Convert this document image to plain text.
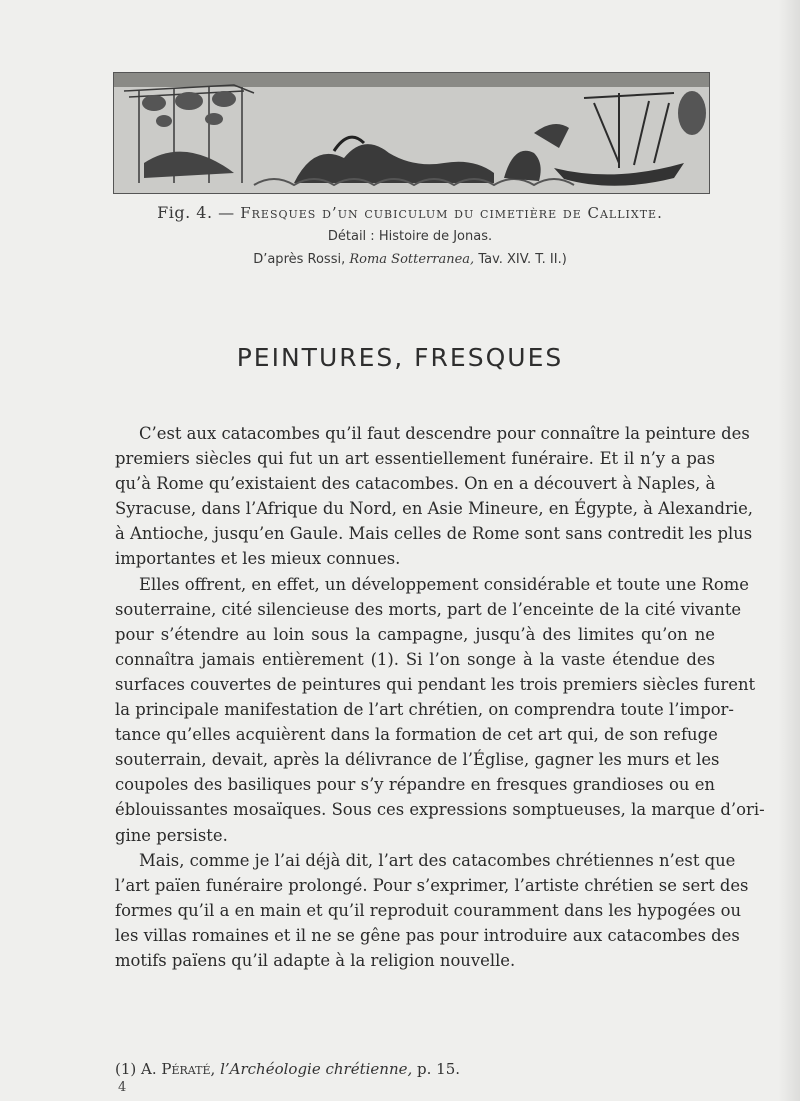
Fig. 4. — Fresques d’un cubiculum du cimetière de Callixte.
Détail : Histoire de Jonas.
D’après Rossi, Roma Sotterranea, Tav. XIV. T. II.)
PEINTURES, FRESQUES
C’est aux catacombes qu’il faut descendre pour connaître la peinture des
premiers siècles qui fut un art essentiellement funéraire. Et il n’y a pas
qu’à Rome qu’existaient des catacombes. On en a découvert à Naples, à
Syracuse, dans l’Afrique du Nord, en Asie Mineure, en Égypte, à Alexandrie,
à Antioche, jusqu’en Gaule. Mais celles de Rome sont sans contredit les plus
importantes et les mieux connues.
Elles offrent, en effet, un développement considérable et toute une Rome
souterraine, cité silencieuse des morts, part de l’enceinte de la cité vivante
pour s’étendre au loin sous la campagne, jusqu’à des limites qu’on ne
connaîtra jamais entièrement (1). Si l’on songe à la vaste étendue des
surfaces couvertes de peintures qui pendant les trois premiers siècles furent
la principale manifestation de l’art chrétien, on comprendra toute l’impor-
tance qu’elles acquièrent dans la formation de cet art qui, de son refuge
souterrain, devait, après la délivrance de l’Église, gagner les murs et les
coupoles des basiliques pour s’y répandre en fresques grandioses ou en
éblouissantes mosaïques. Sous ces expressions somptueuses, la marque d’ori-
gine persiste.
Mais, comme je l’ai déjà dit, l’art des catacombes chrétiennes n’est que
l’art païen funéraire prolongé. Pour s’exprimer, l’artiste chrétien se sert des
formes qu’il a en main et qu’il reproduit couramment dans les hypogées ou
les villas romaines et il ne se gêne pas pour introduire aux catacombes des
motifs païens qu’il adapte à la religion nouvelle.
(1) A. Pératé, l’Archéologie chrétienne, p. 15.
4
